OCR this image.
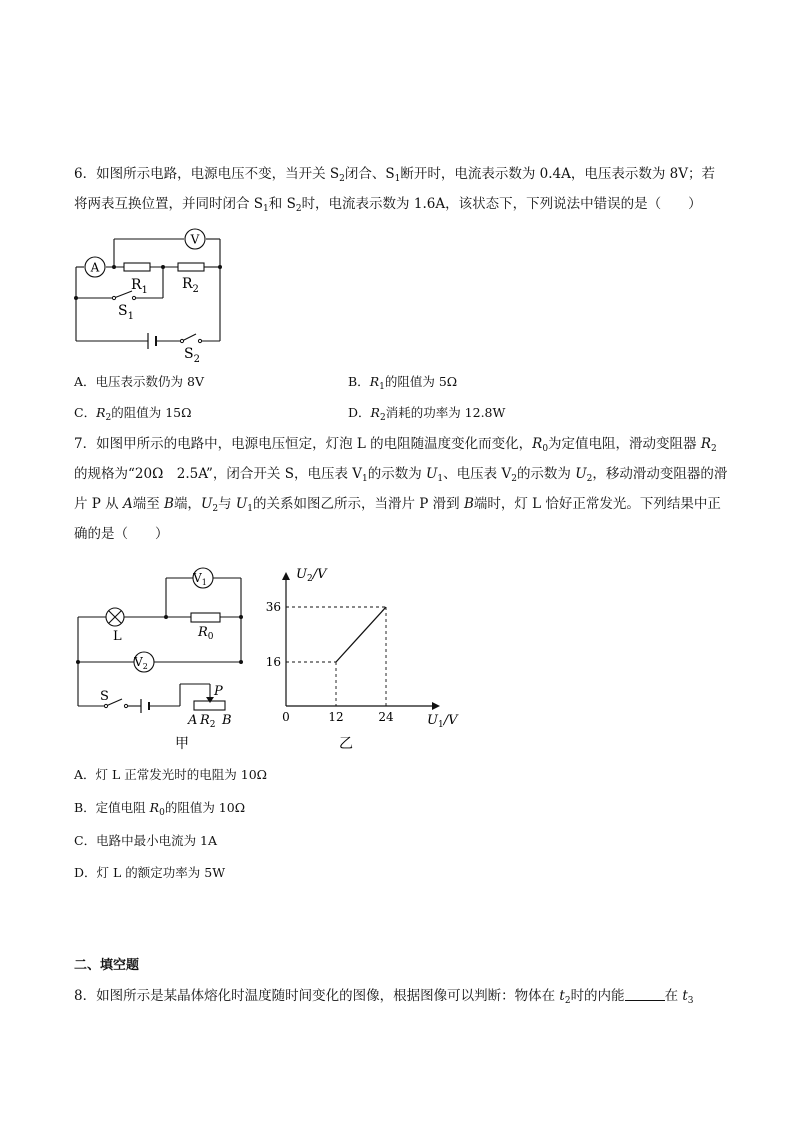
6．如图所示电路，电源电压不变，当开关 $S_2$闭合、$S_1$断开时，电流表示数为 0.4A，电压表示数为 8V；若
将两表互换位置，并同时闭合 $S_1$和 $S_2$时，电流表示数为 1.6A，该状态下，下列说法中错误的是（　　）
V
A
$R_1$ $R_2$
$S_1$
$S_2$
A．电压表示数仍为 8V	B．$R_1$的阻值为 5Ω
C．$R_2$的阻值为 15Ω	D．$R_2$消耗的功率为 12.8W
7．如图甲所示的电路中，电源电压恒定，灯泡 L 的电阻随温度变化而变化，$R_0$为定值电阻，滑动变阻器 $R_2$
的规格为“20Ω　2.5A”，闭合开关 S，电压表 $V_1$的示数为 $U_1$、电压表 $V_2$的示数为 $U_2$，移动滑动变阻器的滑
片 P 从 A端至 B端，$U_2$与 $U_1$的关系如图乙所示，当滑片 P 滑到 B端时，灯 L 恰好正常发光。下列结果中正
确的是（　　）
$V_1$
$V_2$
L	$R_0$
S	P
A $R_2$ B
甲
0	12	24
16
36
$U_2/V$
$U_1/V$
乙
A．灯 L 正常发光时的电阻为 10Ω
B．定值电阻 $R_0$的阻值为 10Ω
C．电路中最小电流为 1A
D．灯 L 的额定功率为 5W
二、填空题
8．如图所示是某晶体熔化时温度随时间变化的图像，根据图像可以判断：物体在 $t_2$时的内能	在 $t_3$
